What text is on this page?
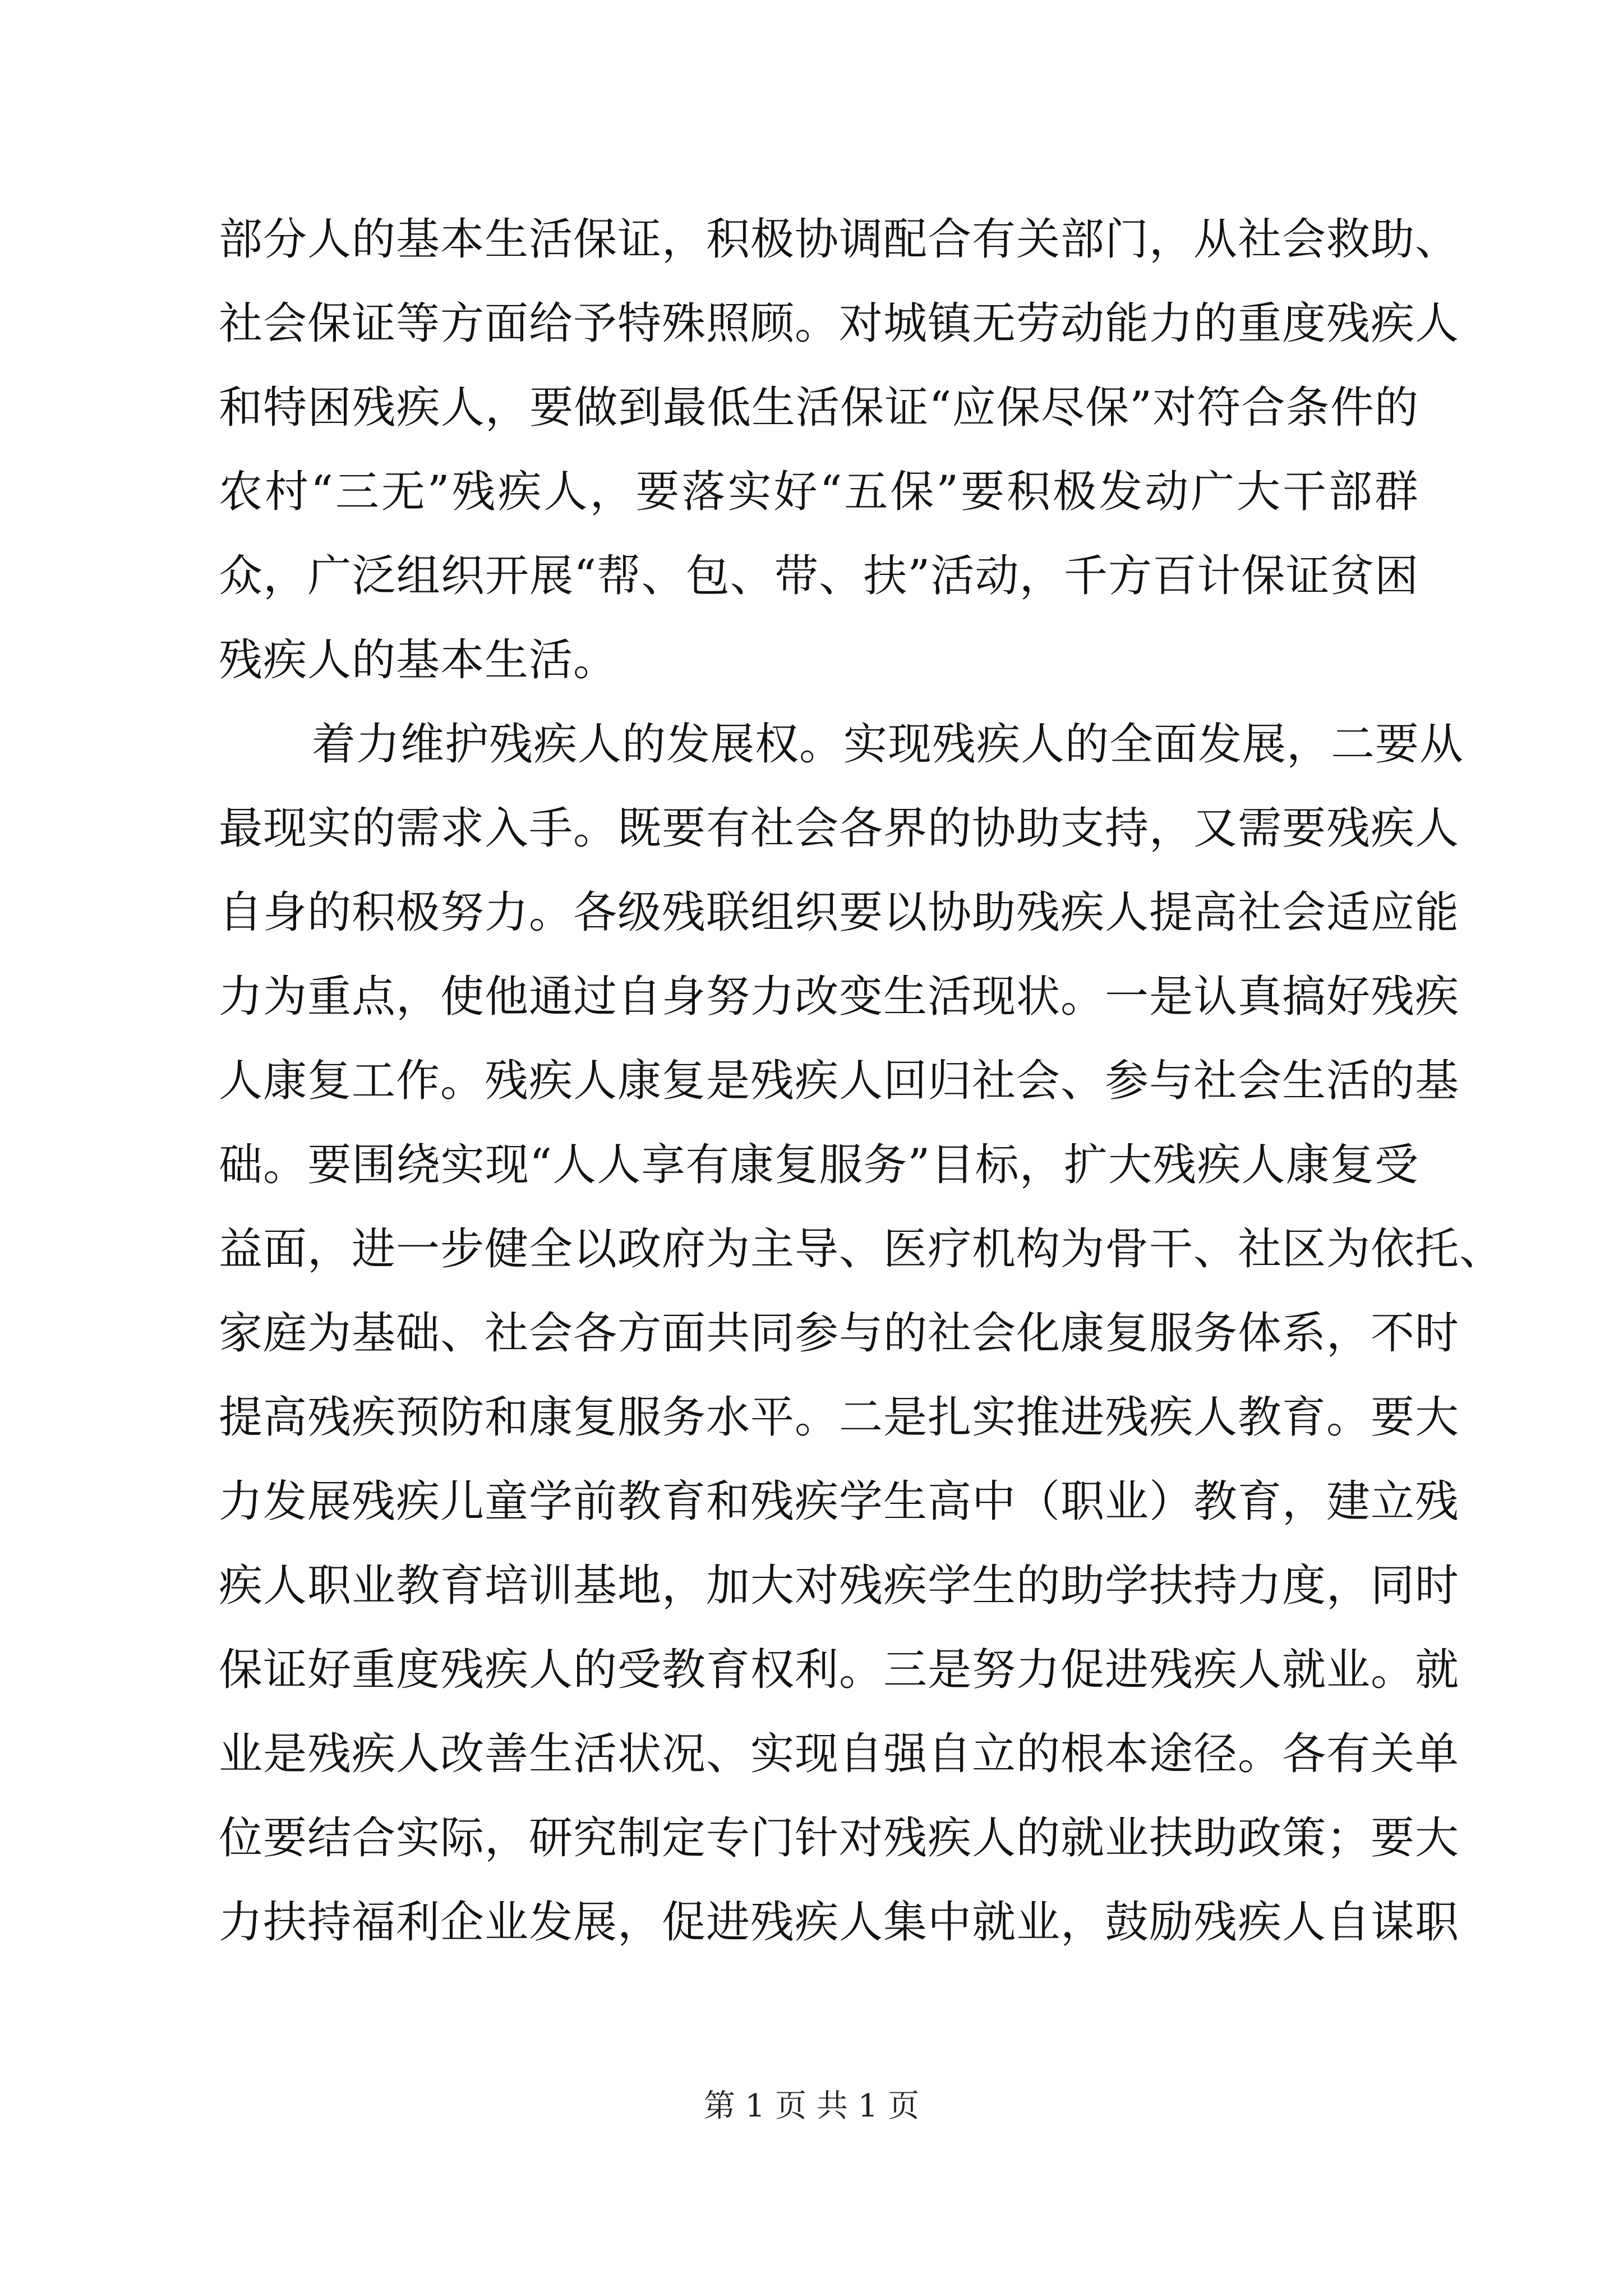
部分人的基本生活保证，积极协调配合有关部门，从社会救助、
社会保证等方面给予特殊照顾。对城镇无劳动能力的重度残疾人
和特困残疾人，要做到最低生活保证“应保尽保”对符合条件的
农村“三无”残疾人，要落实好“五保”要积极发动广大干部群
众，广泛组织开展“帮、包、带、扶”活动，千方百计保证贫困
残疾人的基本生活。
着力维护残疾人的发展权。实现残疾人的全面发展，二要从
最现实的需求入手。既要有社会各界的协助支持，又需要残疾人
自身的积极努力。各级残联组织要以协助残疾人提高社会适应能
力为重点，使他通过自身努力改变生活现状。一是认真搞好残疾
人康复工作。残疾人康复是残疾人回归社会、参与社会生活的基
础。要围绕实现“人人享有康复服务”目标，扩大残疾人康复受
益面，进一步健全以政府为主导、医疗机构为骨干、社区为依托、
家庭为基础、社会各方面共同参与的社会化康复服务体系，不时
提高残疾预防和康复服务水平。二是扎实推进残疾人教育。要大
力发展残疾儿童学前教育和残疾学生高中（职业）教育，建立残
疾人职业教育培训基地，加大对残疾学生的助学扶持力度，同时
保证好重度残疾人的受教育权利。三是努力促进残疾人就业。就
业是残疾人改善生活状况、实现自强自立的根本途径。各有关单
位要结合实际，研究制定专门针对残疾人的就业扶助政策；要大
力扶持福利企业发展，促进残疾人集中就业，鼓励残疾人自谋职
第 1 页 共 1 页
